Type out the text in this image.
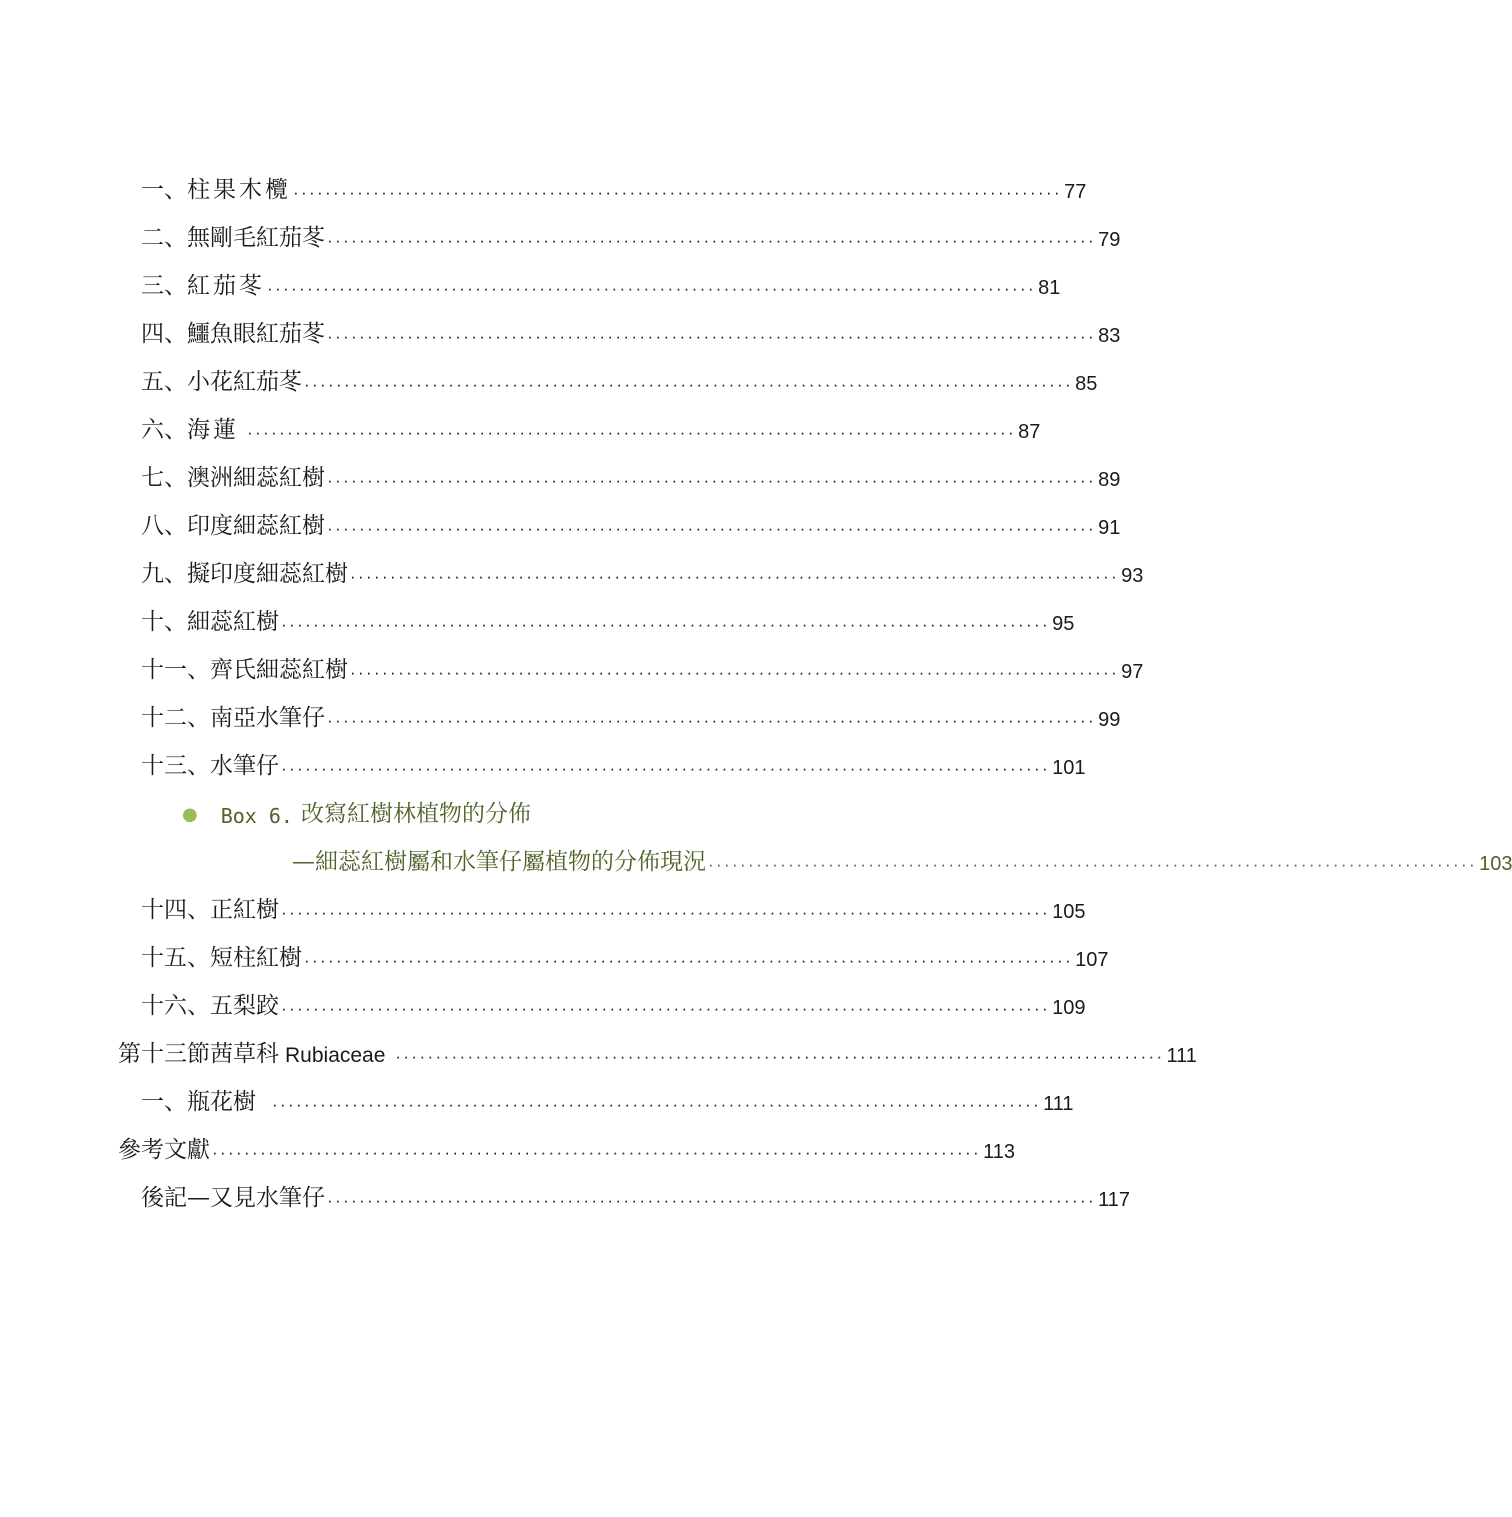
一、 柱果木欖 ································································································ 77
二、 無剛毛紅茄苳 ································································································ 79
三、 紅茄苳 ································································································ 81
四、 鱷魚眼紅茄苳 ································································································ 83
五、 小花紅茄苳 ································································································ 85
六、 海蓮 ································································································ 87
七、 澳洲細蕊紅樹 ································································································ 89
八、 印度細蕊紅樹 ································································································ 91
九、 擬印度細蕊紅樹 ································································································ 93
十、 細蕊紅樹 ································································································ 95
十一、 齊氏細蕊紅樹 ································································································ 97
十二、 南亞水筆仔 ································································································ 99
十三、 水筆仔 ································································································ 101
● Box 6. 改寫紅樹林植物的分佈
—細蕊紅樹屬和水筆仔屬植物的分佈現況 ································································································ 103
十四、 正紅樹 ································································································ 105
十五、 短柱紅樹 ································································································ 107
十六、 五梨跤 ································································································ 109
第十三節 茜草科 Rubiaceae ································································································ 111
一、 瓶花樹 ································································································ 111
參考文獻 ································································································ 113
後記—又見水筆仔 ································································································ 117
